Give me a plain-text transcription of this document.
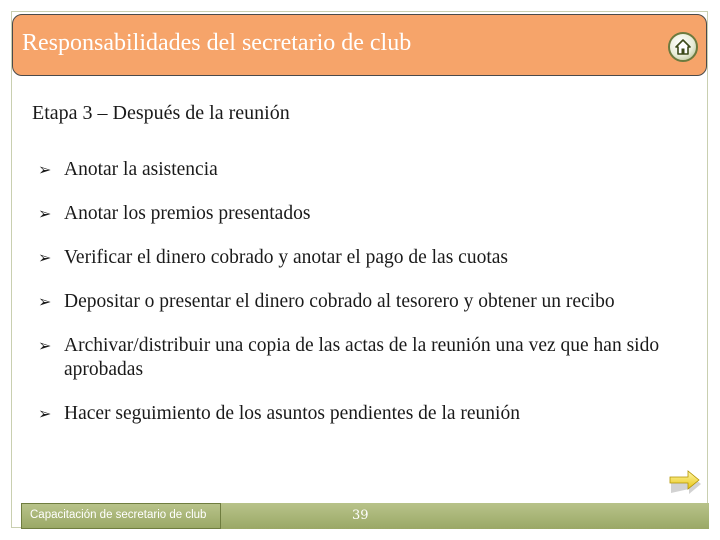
Responsabilidades del secretario de club
Etapa 3 – Después de la reunión
➢ Anotar la asistencia
➢ Anotar los premios presentados
➢ Verificar el dinero cobrado y anotar el pago de las cuotas
➢ Depositar o presentar el dinero cobrado al tesorero y obtener un recibo
➢ Archivar/distribuir una copia de las actas de la reunión una vez que han sido aprobadas
➢ Hacer seguimiento de los asuntos pendientes de la reunión
Capacitación de secretario de club	39
